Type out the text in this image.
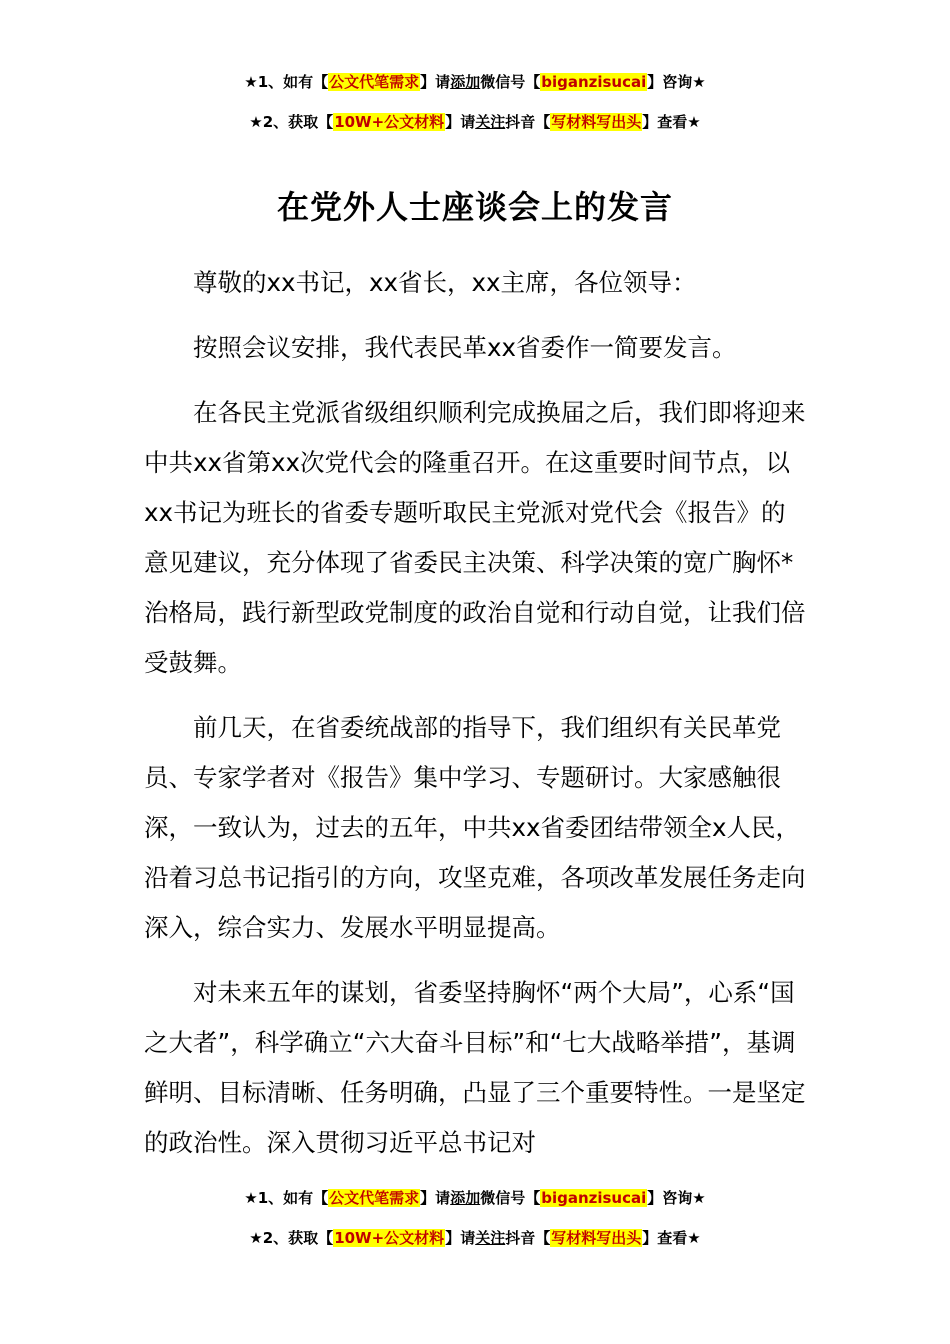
★1、如有【公文代笔需求】请添加微信号【biganzisucai】咨询★
★2、获取【10W+公文材料】请关注抖音【写材料写出头】查看★
在党外人士座谈会上的发言

尊敬的xx书记，xx省长，xx主席，各位领导：

按照会议安排，我代表民革xx省委作一简要发言。

在各民主党派省级组织顺利完成换届之后，我们即将迎来中共xx省第xx次党代会的隆重召开。在这重要时间节点，以xx书记为班长的省委专题听取民主党派对党代会《报告》的意见建议，充分体现了省委民主决策、科学决策的宽广胸怀*治格局，践行新型政党制度的政治自觉和行动自觉，让我们倍受鼓舞。

前几天，在省委统战部的指导下，我们组织有关民革党员、专家学者对《报告》集中学习、专题研讨。大家感触很深，一致认为，过去的五年，中共xx省委团结带领全x人民，沿着习总书记指引的方向，攻坚克难，各项改革发展任务走向深入，综合实力、发展水平明显提高。

对未来五年的谋划，省委坚持胸怀“两个大局”，心系“国之大者”，科学确立“六大奋斗目标”和“七大战略举措”，基调鲜明、目标清晰、任务明确，凸显了三个重要特性。一是坚定的政治性。深入贯彻习近平总书记对

★1、如有【公文代笔需求】请添加微信号【biganzisucai】咨询★
★2、获取【10W+公文材料】请关注抖音【写材料写出头】查看★
